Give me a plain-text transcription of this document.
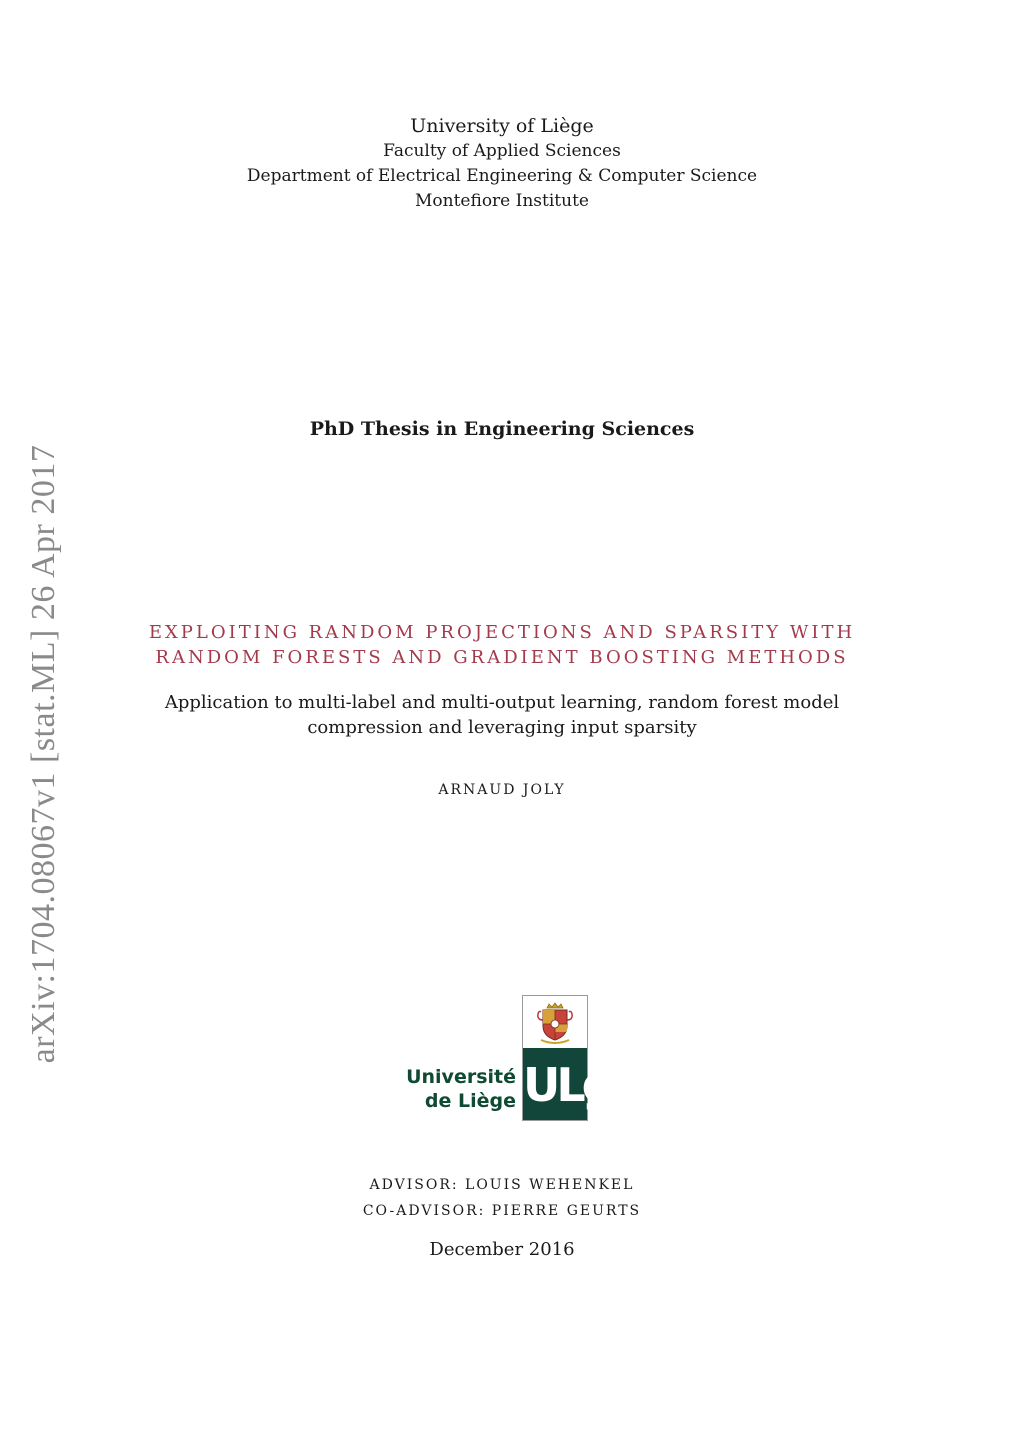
arXiv:1704.08067v1 [stat.ML] 26 Apr 2017
University of Liège
Faculty of Applied Sciences
Department of Electrical Engineering & Computer Science
Montefiore Institute
PhD Thesis in Engineering Sciences
EXPLOITING RANDOM PROJECTIONS AND SPARSITY WITH
RANDOM FORESTS AND GRADIENT BOOSTING METHODS
Application to multi-label and multi-output learning, random forest model
compression and leveraging input sparsity
ARNAUD JOLY
Université
de Liège ULg
ADVISOR: LOUIS WEHENKEL
CO-ADVISOR: PIERRE GEURTS
December 2016
